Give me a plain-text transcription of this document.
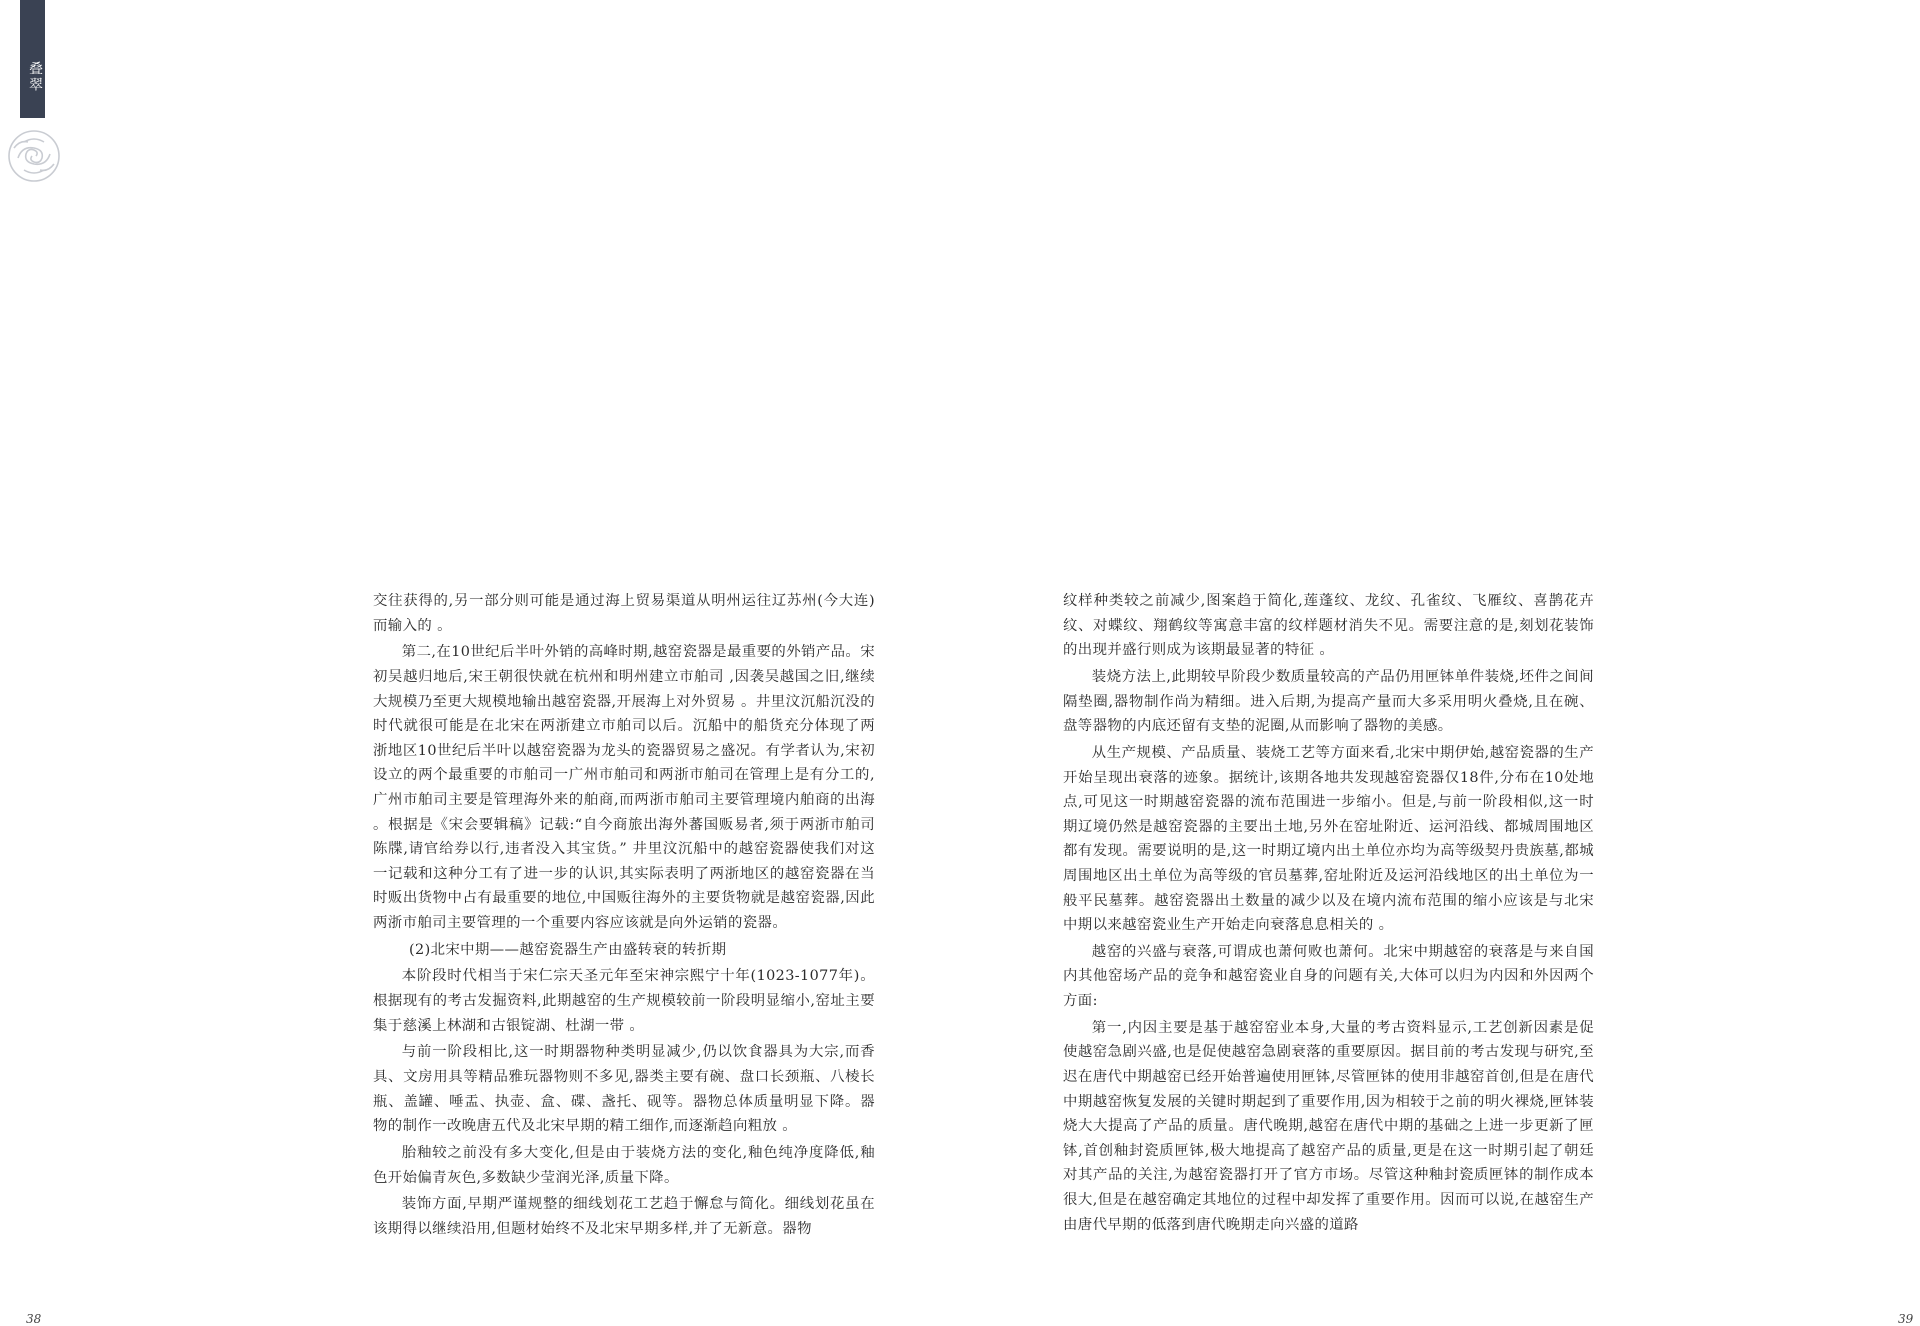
叠翠

交往获得的,另一部分则可能是通过海上贸易渠道从明州运往辽苏州(今大连)而输入的 。

第二,在10世纪后半叶外销的高峰时期,越窑瓷器是最重要的外销产品。宋初吴越归地后,宋王朝很快就在杭州和明州建立市舶司 ,因袭吴越国之旧,继续大规模乃至更大规模地输出越窑瓷器,开展海上对外贸易 。井里汶沉船沉没的时代就很可能是在北宋在两浙建立市舶司以后。沉船中的船货充分体现了两浙地区10世纪后半叶以越窑瓷器为龙头的瓷器贸易之盛况。有学者认为,宋初设立的两个最重要的市舶司一广州市舶司和两浙市舶司在管理上是有分工的,广州市舶司主要是管理海外来的舶商,而两浙市舶司主要管理境内舶商的出海 。根据是《宋会要辑稿》记载:“自今商旅出海外蕃国贩易者,须于两浙市舶司陈牒,请官给券以行,违者没入其宝货。” 井里汶沉船中的越窑瓷器使我们对这一记载和这种分工有了进一步的认识,其实际表明了两浙地区的越窑瓷器在当时贩出货物中占有最重要的地位,中国贩往海外的主要货物就是越窑瓷器,因此两浙市舶司主要管理的一个重要内容应该就是向外运销的瓷器。

(2)北宋中期——越窑瓷器生产由盛转衰的转折期

本阶段时代相当于宋仁宗天圣元年至宋神宗熙宁十年(1023-1077年)。根据现有的考古发掘资料,此期越窑的生产规模较前一阶段明显缩小,窑址主要集于慈溪上林湖和古银锭湖、杜湖一带 。

与前一阶段相比,这一时期器物种类明显减少,仍以饮食器具为大宗,而香具、文房用具等精品雅玩器物则不多见,器类主要有碗、盘口长颈瓶、八棱长瓶、盖罐、唾盂、执壶、盒、碟、盏托、砚等。器物总体质量明显下降。器物的制作一改晚唐五代及北宋早期的精工细作,而逐渐趋向粗放 。

胎釉较之前没有多大变化,但是由于装烧方法的变化,釉色纯净度降低,釉色开始偏青灰色,多数缺少莹润光泽,质量下降。

装饰方面,早期严谨规整的细线划花工艺趋于懈怠与简化。细线划花虽在该期得以继续沿用,但题材始终不及北宋早期多样,并了无新意。器物

纹样种类较之前减少,图案趋于简化,莲蓬纹、龙纹、孔雀纹、飞雁纹、喜鹊花卉纹、对蝶纹、翔鹤纹等寓意丰富的纹样题材消失不见。需要注意的是,刻划花装饰的出现并盛行则成为该期最显著的特征 。

装烧方法上,此期较早阶段少数质量较高的产品仍用匣钵单件装烧,坯件之间间隔垫圈,器物制作尚为精细。进入后期,为提高产量而大多采用明火叠烧,且在碗、盘等器物的内底还留有支垫的泥圈,从而影响了器物的美感。

从生产规模、产品质量、装烧工艺等方面来看,北宋中期伊始,越窑瓷器的生产开始呈现出衰落的迹象。据统计,该期各地共发现越窑瓷器仅18件,分布在10处地点,可见这一时期越窑瓷器的流布范围进一步缩小。但是,与前一阶段相似,这一时期辽境仍然是越窑瓷器的主要出土地,另外在窑址附近、运河沿线、都城周围地区都有发现。需要说明的是,这一时期辽境内出土单位亦均为高等级契丹贵族墓,都城周围地区出土单位为高等级的官员墓葬,窑址附近及运河沿线地区的出土单位为一般平民墓葬。越窑瓷器出土数量的减少以及在境内流布范围的缩小应该是与北宋中期以来越窑瓷业生产开始走向衰落息息相关的 。

越窑的兴盛与衰落,可谓成也萧何败也萧何。北宋中期越窑的衰落是与来自国内其他窑场产品的竞争和越窑瓷业自身的问题有关,大体可以归为内因和外因两个方面:

第一,内因主要是基于越窑窑业本身,大量的考古资料显示,工艺创新因素是促使越窑急剧兴盛,也是促使越窑急剧衰落的重要原因。据目前的考古发现与研究,至迟在唐代中期越窑已经开始普遍使用匣钵,尽管匣钵的使用非越窑首创,但是在唐代中期越窑恢复发展的关键时期起到了重要作用,因为相较于之前的明火裸烧,匣钵装烧大大提高了产品的质量。唐代晚期,越窑在唐代中期的基础之上进一步更新了匣钵,首创釉封瓷质匣钵,极大地提高了越窑产品的质量,更是在这一时期引起了朝廷对其产品的关注,为越窑瓷器打开了官方市场。尽管这种釉封瓷质匣钵的制作成本很大,但是在越窑确定其地位的过程中却发挥了重要作用。因而可以说,在越窑生产由唐代早期的低落到唐代晚期走向兴盛的道路

38	39
